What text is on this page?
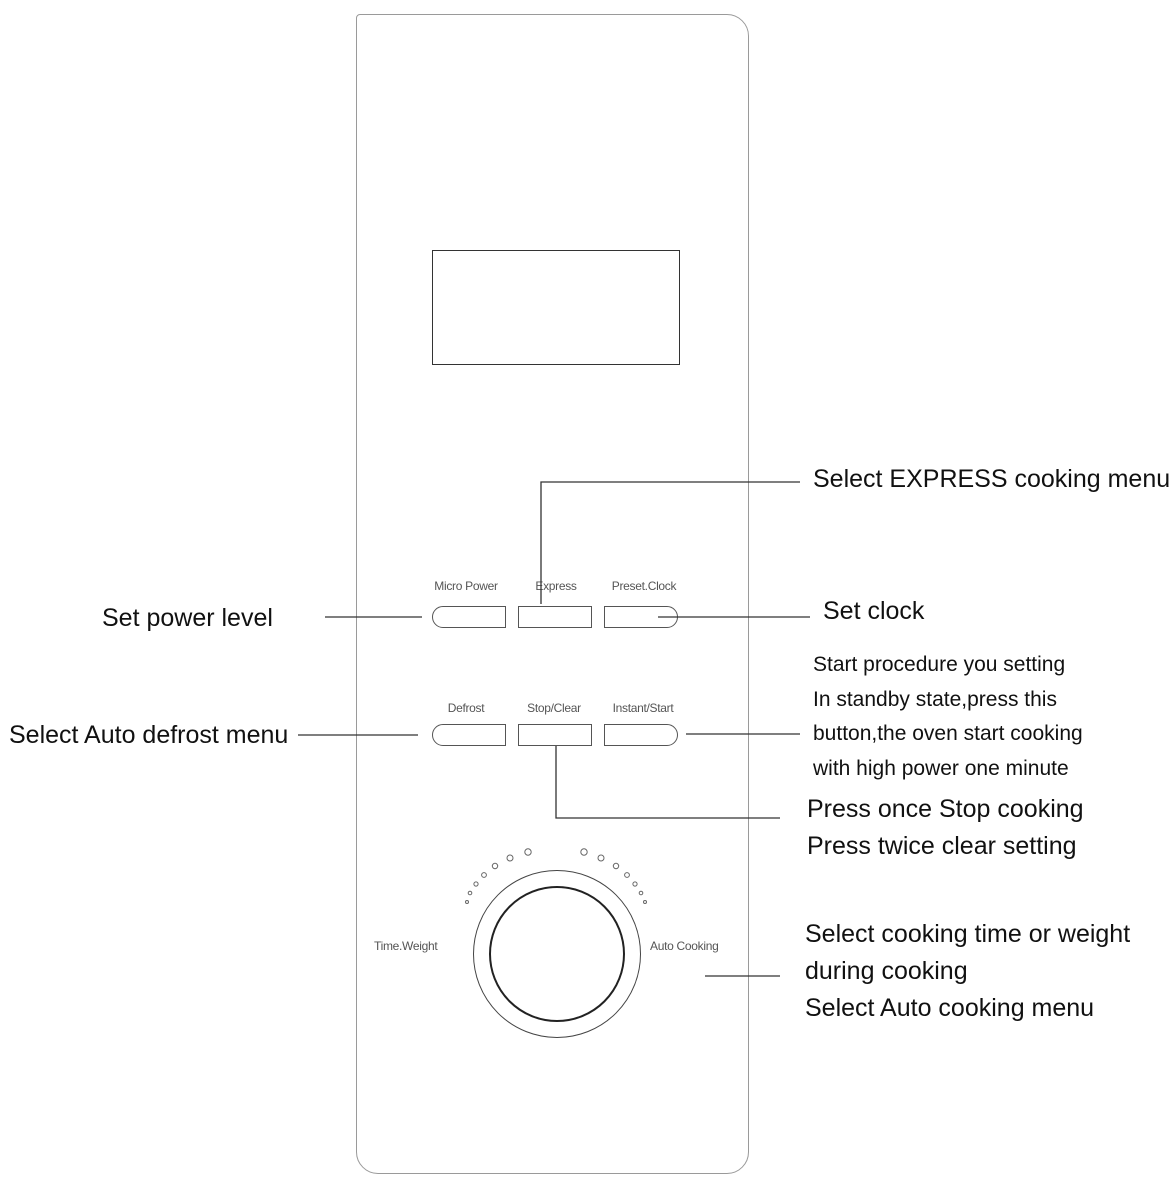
Micro Power	Express	Preset.Clock
Defrost	Stop/Clear	Instant/Start
Time.Weight	Auto Cooking
Select EXPRESS cooking menu
Set power level	Set clock
Select Auto defrost menu
Start procedure you setting
In standby state,press this
button,the oven start cooking
with high power one minute
Press once Stop cooking
Press twice clear setting
Select cooking time or weight
during cooking
Select Auto cooking menu
